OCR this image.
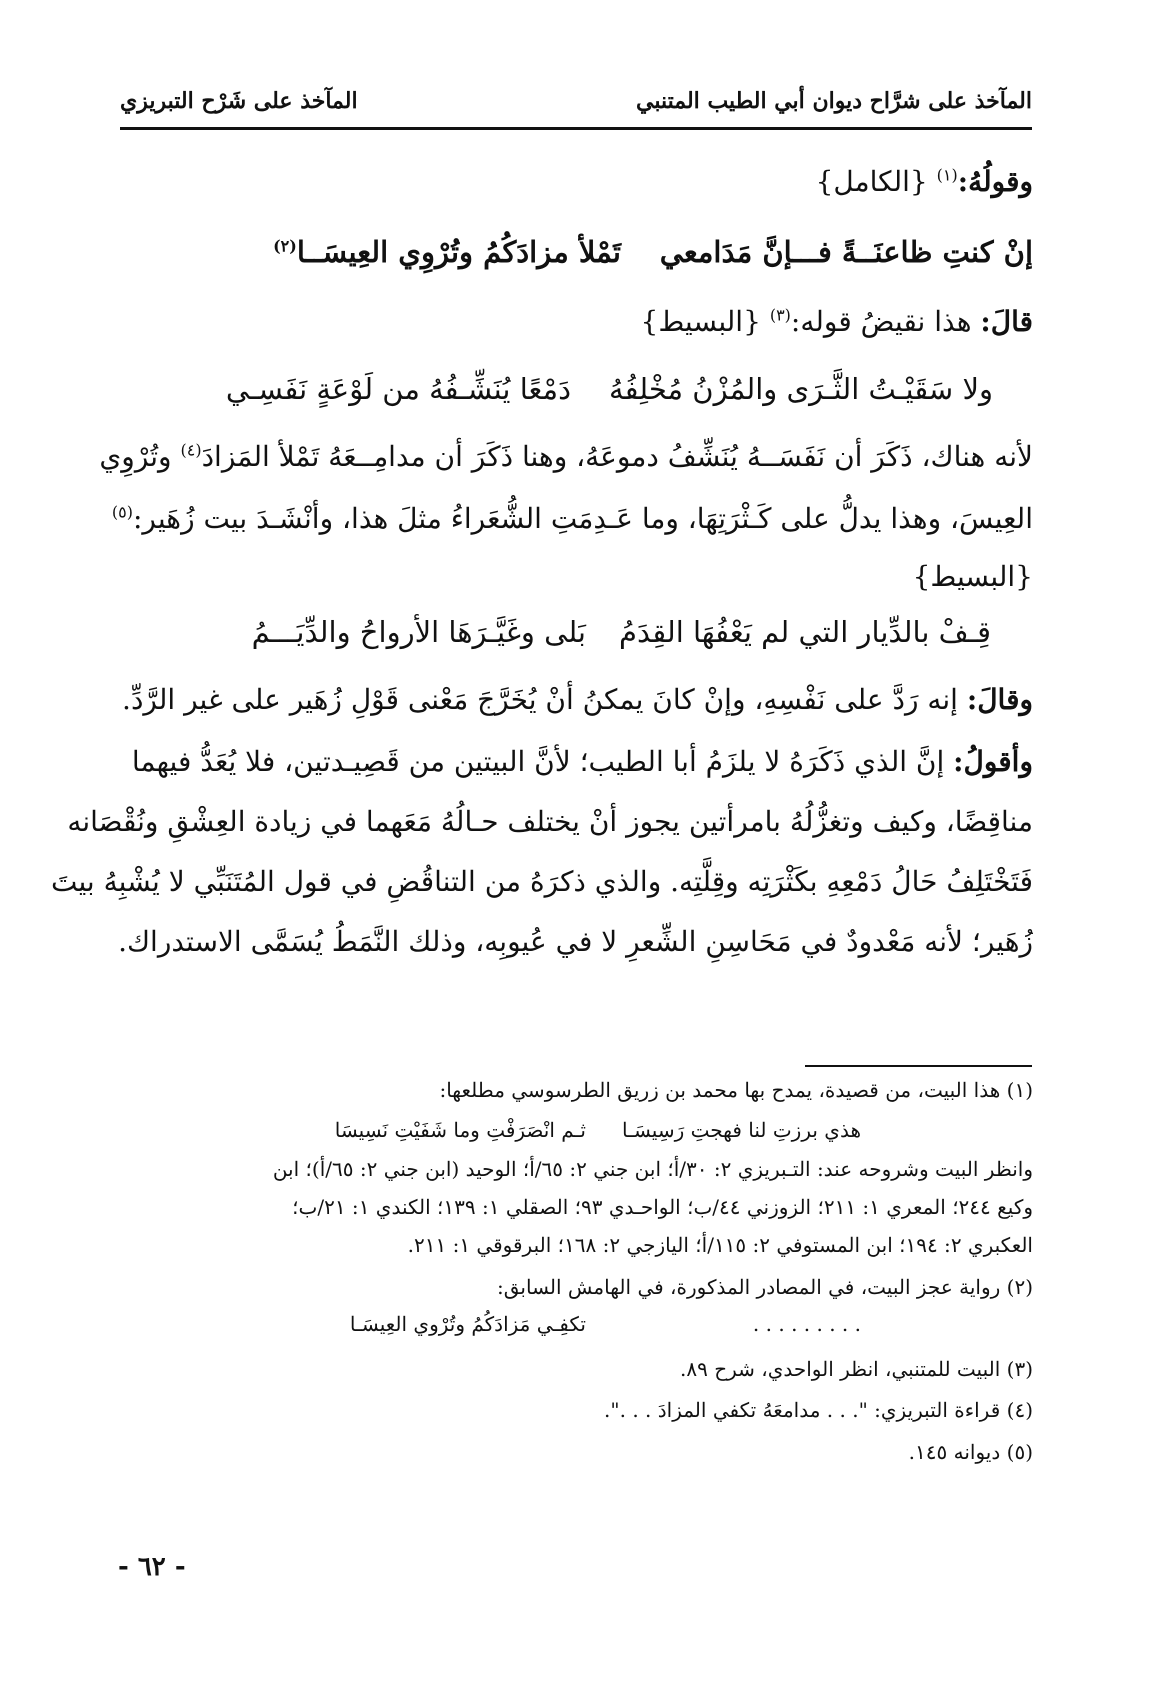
المآخذ على شرَّاح ديوان أبي الطيب المتنبي
المآخذ على شَرْح التبريزي
وقولُهُ:$^{(١)}$ {الكامل}
إنْ كنتِ ظاعنَــةً فـــإنَّ مَدَامعي
تَمْلأ مزادَكُمُ وتُرْوِي العِيسَــا$^{(٢)}$
قالَ: هذا نقيضُ قوله:$^{(٣)}$ {البسيط}
ولا سَقَيْـتُ الثَّـرَى والمُزْنُ مُخْلِفُهُ
دَمْعًا يُنَشِّـفُهُ من لَوْعَةٍ نَفَسِـي
لأنه هناك، ذَكَرَ أن نَفَسَــهُ يُنَشِّفُ دموعَهُ، وهنا ذَكَرَ أن مدامِــعَهُ تَمْلأ المَزادَ$^{(٤)}$ وتُرْوِي
العِيسَ، وهذا يدلُّ على كَـثْرَتِهَا، وما عَـدِمَتِ الشُّعَراءُ مثلَ هذا، وأنْشَـدَ بيت زُهَير:$^{(٥)}$
{البسيط}
قِـفْ بالدِّيار التي لم يَعْفُهَا القِدَمُ
بَلى وغَيَّـرَهَا الأرواحُ والدِّيَـــمُ
وقالَ: إنه رَدَّ على نَفْسِهِ، وإنْ كانَ يمكنُ أنْ يُخَرَّجَ مَعْنى قَوْلِ زُهَير على غير الرَّدِّ.
وأقولُ: إنَّ الذي ذَكَرَهُ لا يلزَمُ أبا الطيب؛ لأنَّ البيتين من قَصِيـدتين، فلا يُعَدُّ فيهما
مناقِضًا، وكيف وتغزُّلُهُ بامرأتين يجوز أنْ يختلف حـالُهُ مَعَهما في زيادة العِشْقِ ونُقْصَانه
فَتَخْتَلِفُ حَالُ دَمْعِهِ بكَثْرَتِه وقِلَّتِه. والذي ذكرَهُ من التناقُضِ في قول المُتَنَبِّي لا يُشْبِهُ بيتَ
زُهَير؛ لأنه مَعْدودٌ في مَحَاسِنِ الشِّعرِ لا في عُيوبِه، وذلك النَّمَطُ يُسَمَّى الاستدراك.
(١) هذا البيت، من قصيدة، يمدح بها محمد بن زريق الطرسوسي مطلعها:
هذي برزتِ لنا فهجتِ رَسِيسَـا
ثـم انْصَرَفْتِ وما شَفَيْتِ نَسِيسَا
وانظر البيت وشروحه عند: التـبريزي ٢: ٣٠/أ؛ ابن جني ٢: ٦٥/أ؛ الوحيد (ابن جني ٢: ٦٥/أ)؛ ابن
وكيع ٢٤٤؛ المعري ١: ٢١١؛ الزوزني ٤٤/ب؛ الواحـدي ٩٣؛ الصقلي ١: ١٣٩؛ الكندي ١: ٢١/ب؛
العكبري ٢: ١٩٤؛ ابن المستوفي ٢: ١١٥/أ؛ اليازجي ٢: ١٦٨؛ البرقوقي ١: ٢١١.
(٢) رواية عجز البيت، في المصادر المذكورة، في الهامش السابق:
. . . . . . . . .
تكفِـي مَزادَكُمُ وتُرْوي العِيسَـا
(٣) البيت للمتنبي، انظر الواحدي، شرح ٨٩.
(٤) قراءة التبريزي: ". . . مدامعَهُ تكفي المزادَ . . .".
(٥) ديوانه ١٤٥.
- ٦٢ -
